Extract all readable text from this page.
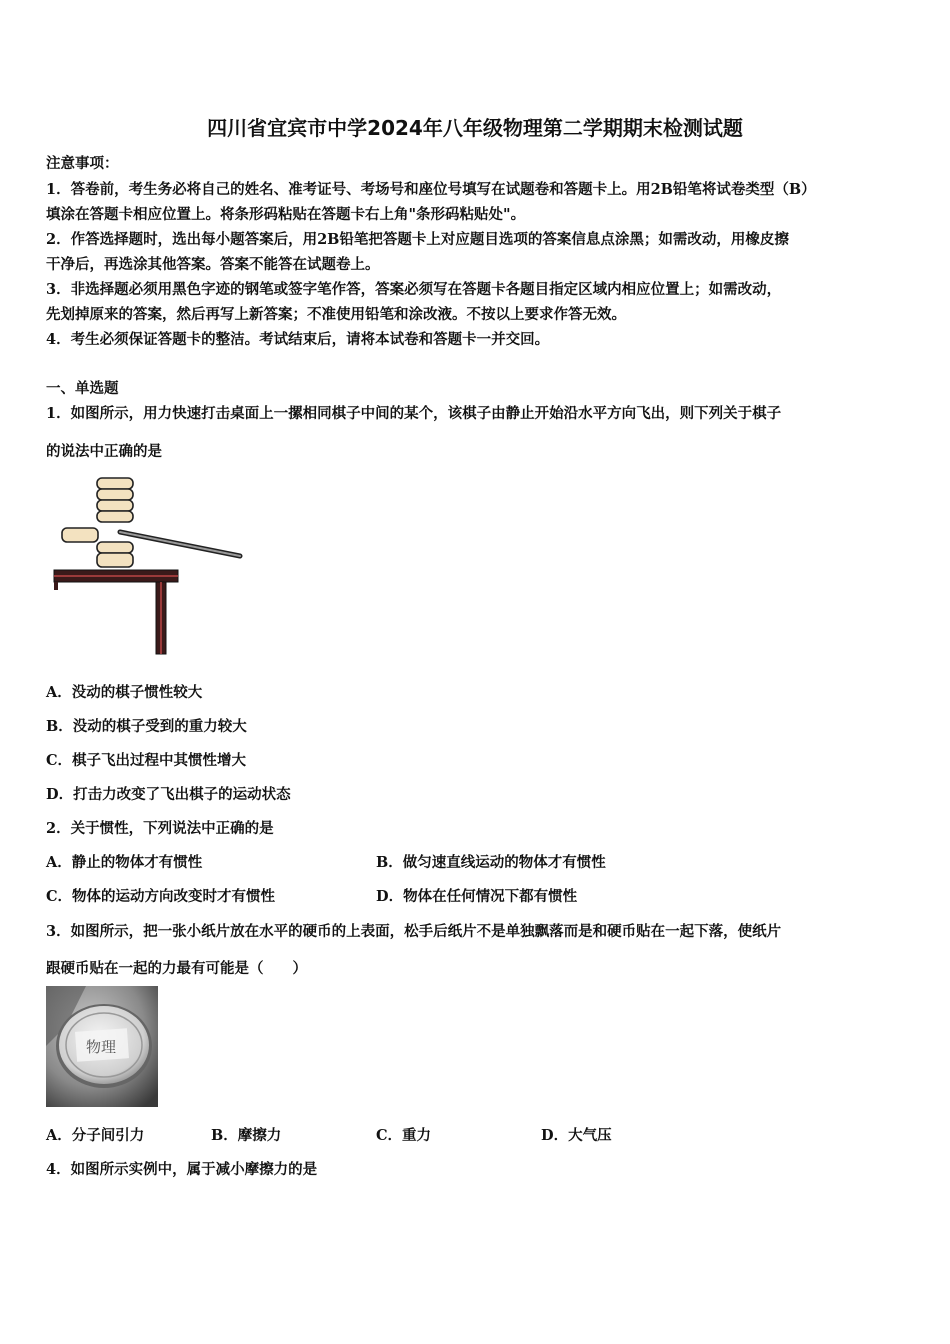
四川省宜宾市中学2024年八年级物理第二学期期末检测试题
注意事项：
1．答卷前，考生务必将自己的姓名、准考证号、考场号和座位号填写在试题卷和答题卡上。用2B铅笔将试卷类型（B）
填涂在答题卡相应位置上。将条形码粘贴在答题卡右上角"条形码粘贴处"。
2．作答选择题时，选出每小题答案后，用2B铅笔把答题卡上对应题目选项的答案信息点涂黑；如需改动，用橡皮擦
干净后，再选涂其他答案。答案不能答在试题卷上。
3．非选择题必须用黑色字迹的钢笔或签字笔作答，答案必须写在答题卡各题目指定区域内相应位置上；如需改动，
先划掉原来的答案，然后再写上新答案；不准使用铅笔和涂改液。不按以上要求作答无效。
4．考生必须保证答题卡的整洁。考试结束后，请将本试卷和答题卡一并交回。
一、单选题
1．如图所示，用力快速打击桌面上一摞相同棋子中间的某个，该棋子由静止开始沿水平方向飞出，则下列关于棋子
的说法中正确的是
A．没动的棋子惯性较大
B．没动的棋子受到的重力较大
C．棋子飞出过程中其惯性增大
D．打击力改变了飞出棋子的运动状态
2．关于惯性，下列说法中正确的是
A．静止的物体才有惯性	B．做匀速直线运动的物体才有惯性
C．物体的运动方向改变时才有惯性	D．物体在任何情况下都有惯性
3．如图所示，把一张小纸片放在水平的硬币的上表面，松手后纸片不是单独飘落而是和硬币贴在一起下落，使纸片
跟硬币贴在一起的力最有可能是（　　）
物理
A．分子间引力	B．摩擦力	C．重力	D．大气压
4．如图所示实例中，属于减小摩擦力的是
